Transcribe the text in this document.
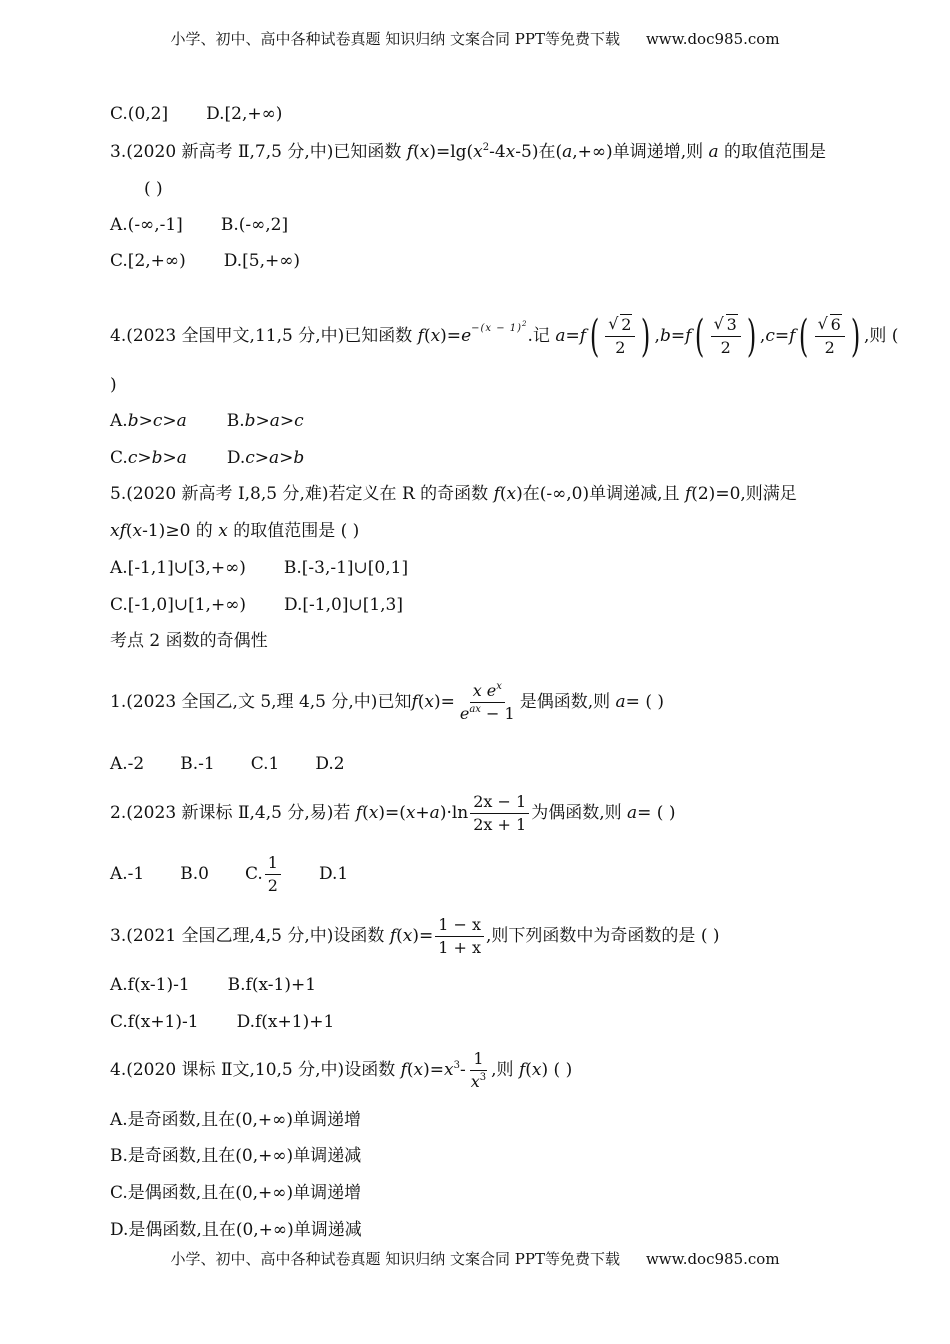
小学、初中、高中各种试卷真题 知识归纳 文案合同 PPT等免费下载 www.doc985.com
C.(0,2] D.[2,+∞)
3.(2020 新高考 Ⅱ,7,5 分,中)已知函数 $f(x)=\lg(x^2-4x-5)$在(a,+∞)单调递增,则 a 的取值范围是
( )
A.(-∞,-1] B.(-∞,2]
C.[2,+∞) D.[5,+∞)
4.(2023 全国甲文,11,5 分,中)已知函数 $f(x)=e^{-(x - 1)^2}$.记 $a=f( \frac{√ 2}{2}$ ) $,b=f( \frac{√ 3}{2}$ ) $,c=f( \frac{√ 6}{2}$ ) ,则 (
)
A.b>c>a B.b>a>c
C.c>b>a D.c>a>b
5.(2020 新高考 Ⅰ,8,5 分,难)若定义在 R 的奇函数 f(x)在(-∞,0)单调递减,且 f(2)=0,则满足
xf(x-1)≥0 的 x 的取值范围是 ( )
A.[-1,1]∪[3,+∞) B.[-3,-1]∪[0,1]
C.[-1,0]∪[1,+∞) D.[-1,0]∪[1,3]
考点 2 函数的奇偶性
1.(2023 全国乙,文 5,理 4,5 分,中)已知$f(x)= \frac{x e^x}{e^{ax} - 1}$ 是偶函数,则 a= ( )
A.-2 B.-1 C.1 D.2
2.(2023 新课标 Ⅱ,4,5 分,易)若 $f(x)=(x+a)\cdot\ln \frac{2x - 1}{2x + 1}$ 为偶函数,则 a= ( )
A.-1 B.0 C. $\frac{1}{2} D.1$
3.(2021 全国乙理,4,5 分,中)设函数 $f(x)= \frac{1 - x}{1 + x}$ ,则下列函数中为奇函数的是 ( )
A.f(x-1)-1 B.f(x-1)+1
C.f(x+1)-1 D.f(x+1)+1
4.(2020 课标 Ⅱ文,10,5 分,中)设函数 $f(x)=x^3- \frac{1}{x^3}$ ,则 f(x) ( )
A.是奇函数,且在(0,+∞)单调递增
B.是奇函数,且在(0,+∞)单调递减
C.是偶函数,且在(0,+∞)单调递增
D.是偶函数,且在(0,+∞)单调递减
小学、初中、高中各种试卷真题 知识归纳 文案合同 PPT等免费下载 www.doc985.com
